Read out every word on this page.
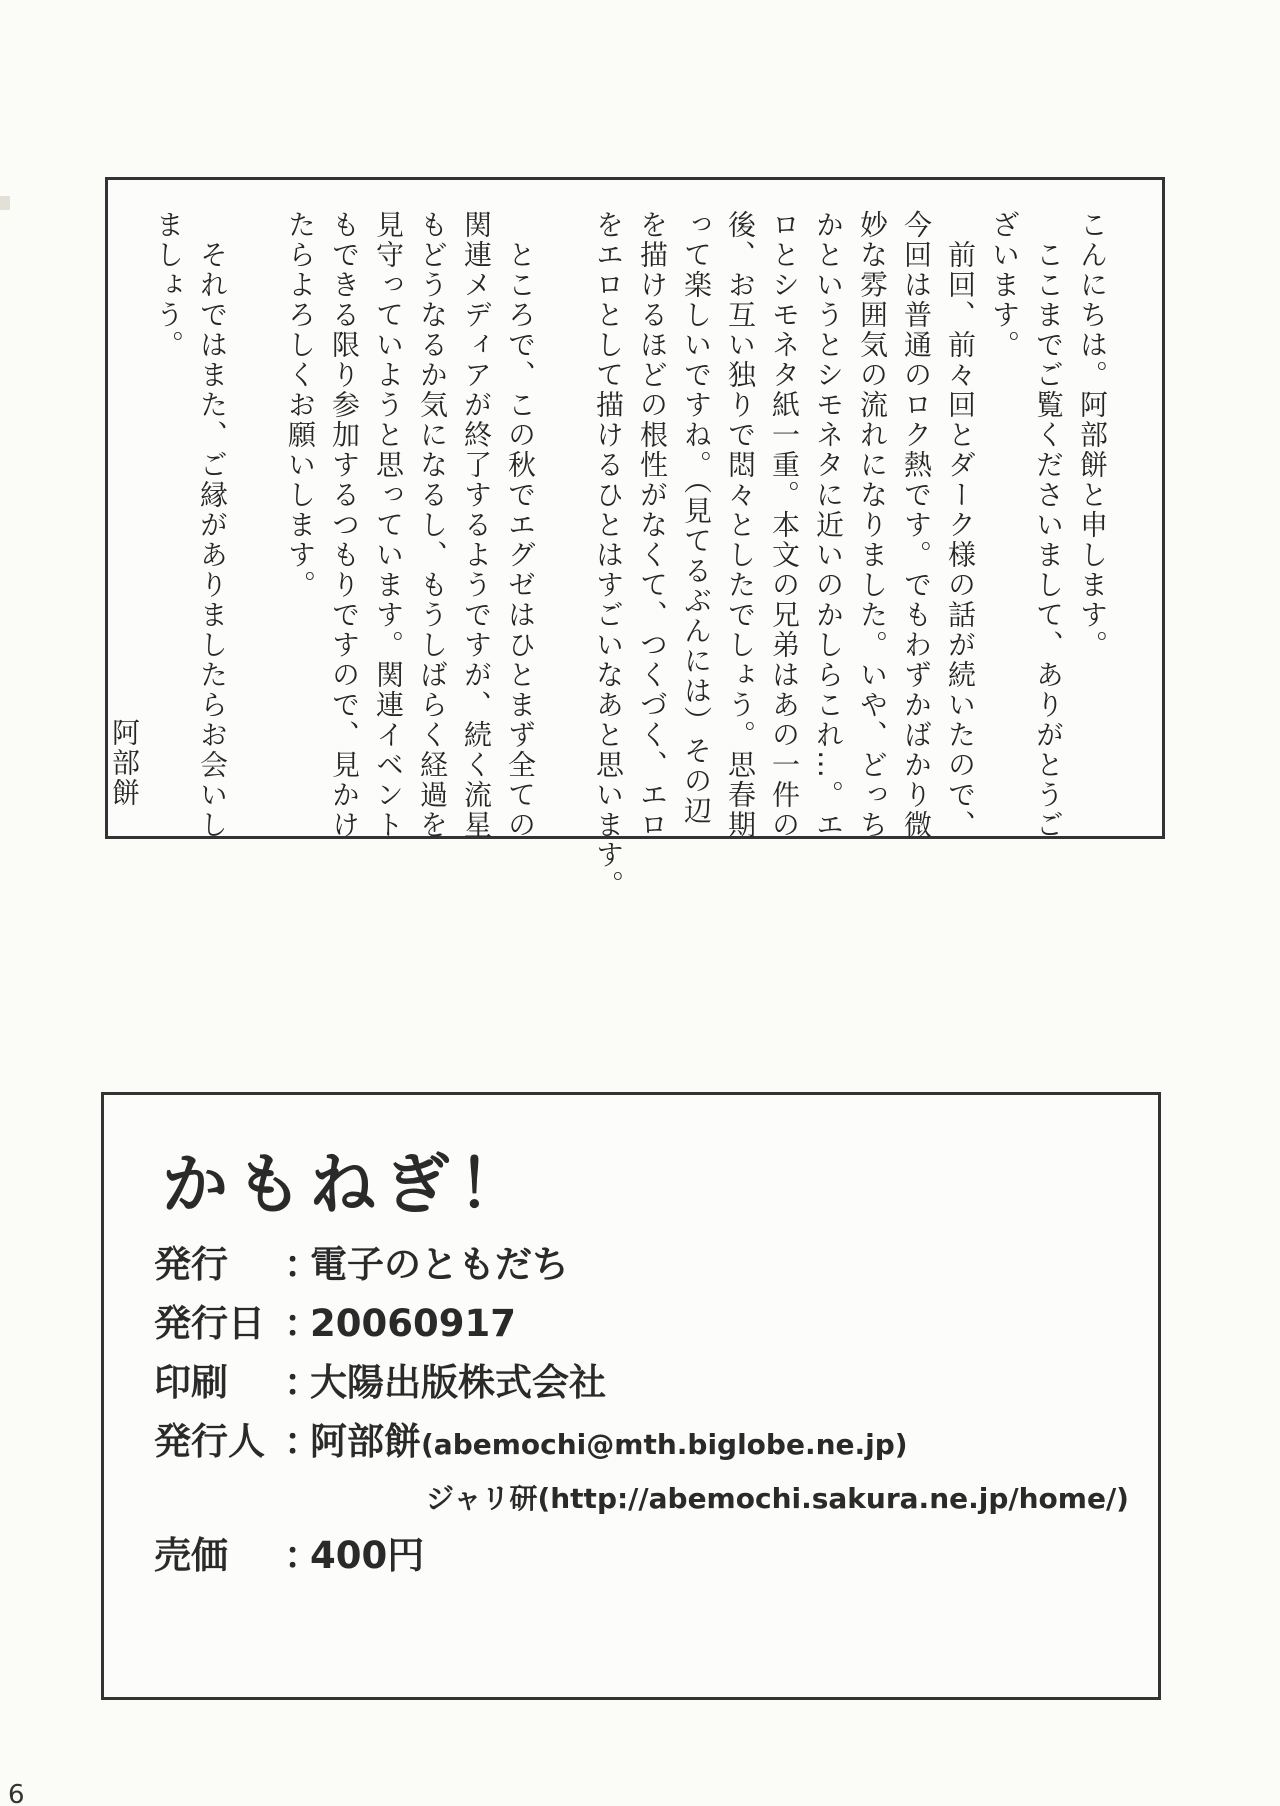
こんにちは。阿部餅と申します。

　ここまでご覧くださいまして、ありがとうご

ざいます。

　前回、前々回とダーク様の話が続いたので、

今回は普通のロク熱です。でもわずかばかり微

妙な雰囲気の流れになりました。いや、どっち

かというとシモネタに近いのかしらこれ…。エ

ロとシモネタ紙一重。本文の兄弟はあの一件の

後、お互い独りで悶々としたでしょう。思春期

って楽しいですね。（見てるぶんには）その辺

を描けるほどの根性がなくて、つくづく、エロ

をエロとして描けるひとはすごいなあと思います。

　ところで、この秋でエグゼはひとまず全ての

関連メディアが終了するようですが、続く流星

もどうなるか気になるし、もうしばらく経過を

見守っていようと思っています。関連イベント

もできる限り参加するつもりですので、見かけ

たらよろしくお願いします。

　それではまた、ご縁がありましたらお会いし

ましょう。

阿部餅

かもねぎ！
発行 ：電子のともだち
発行日 ：20060917
印刷 ：大陽出版株式会社
発行人 ：阿部餅(abemochi@mth.biglobe.ne.jp)
ジャリ研(http://abemochi.sakura.ne.jp/home/)
売価 ：400円
6
